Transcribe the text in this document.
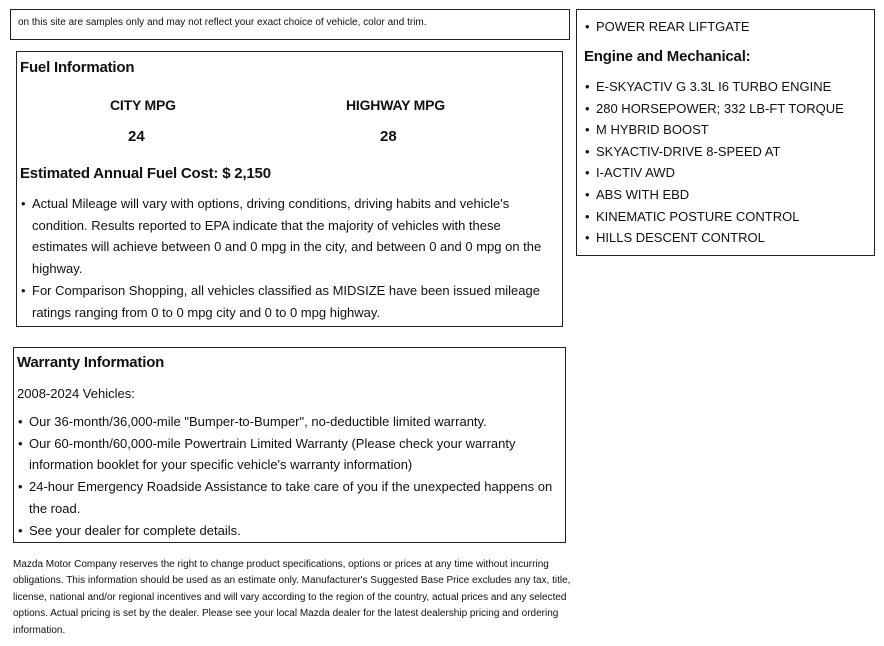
on this site are samples only and may not reflect your exact choice of vehicle, color and trim.
Fuel Information
CITY MPG
24
HIGHWAY MPG
28
Estimated Annual Fuel Cost: $ 2,150
• Actual Mileage will vary with options, driving conditions, driving habits and vehicle's condition. Results reported to EPA indicate that the majority of vehicles with these estimates will achieve between 0 and 0 mpg in the city, and between 0 and 0 mpg on the highway.
• For Comparison Shopping, all vehicles classified as MIDSIZE have been issued mileage ratings ranging from 0 to 0 mpg city and 0 to 0 mpg highway.
Warranty Information
2008-2024 Vehicles:
• Our 36-month/36,000-mile "Bumper-to-Bumper", no-deductible limited warranty.
• Our 60-month/60,000-mile Powertrain Limited Warranty (Please check your warranty information booklet for your specific vehicle's warranty information)
• 24-hour Emergency Roadside Assistance to take care of you if the unexpected happens on the road.
• See your dealer for complete details.
• POWER REAR LIFTGATE
Engine and Mechanical:
• E-SKYACTIV G 3.3L I6 TURBO ENGINE
• 280 HORSEPOWER; 332 LB-FT TORQUE
• M HYBRID BOOST
• SKYACTIV-DRIVE 8-SPEED AT
• I-ACTIV AWD
• ABS WITH EBD
• KINEMATIC POSTURE CONTROL
• HILLS DESCENT CONTROL
Mazda Motor Company reserves the right to change product specifications, options or prices at any time without incurring obligations. This information should be used as an estimate only. Manufacturer's Suggested Base Price excludes any tax, title, license, national and/or regional incentives and will vary according to the region of the country, actual prices and any selected options. Actual pricing is set by the dealer. Please see your local Mazda dealer for the latest dealership pricing and ordering information.
